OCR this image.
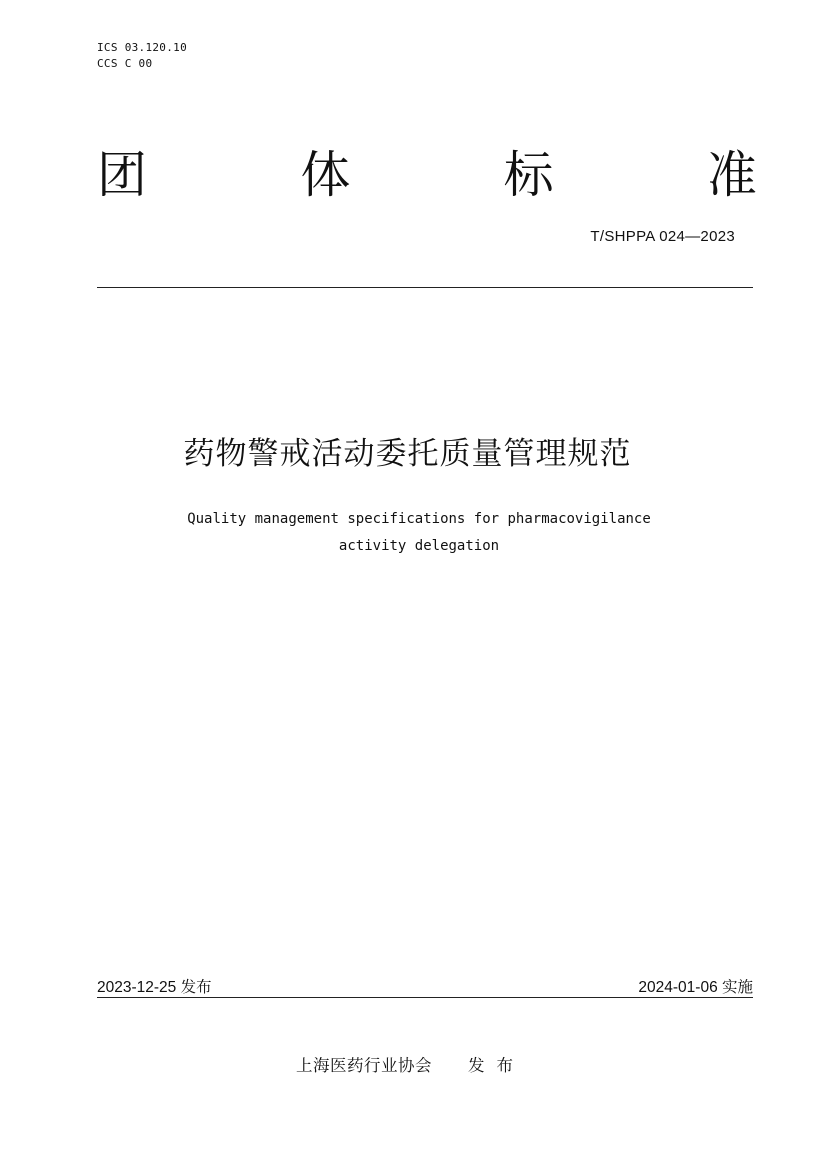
ICS 03.120.10
CCS C 00
团	体	标	准
T/SHPPA 024—2023
药物警戒活动委托质量管理规范
Quality management specifications for pharmacovigilance
activity delegation
2023-12-25 发布	2024-01-06 实施
上海医药行业协会 发布
